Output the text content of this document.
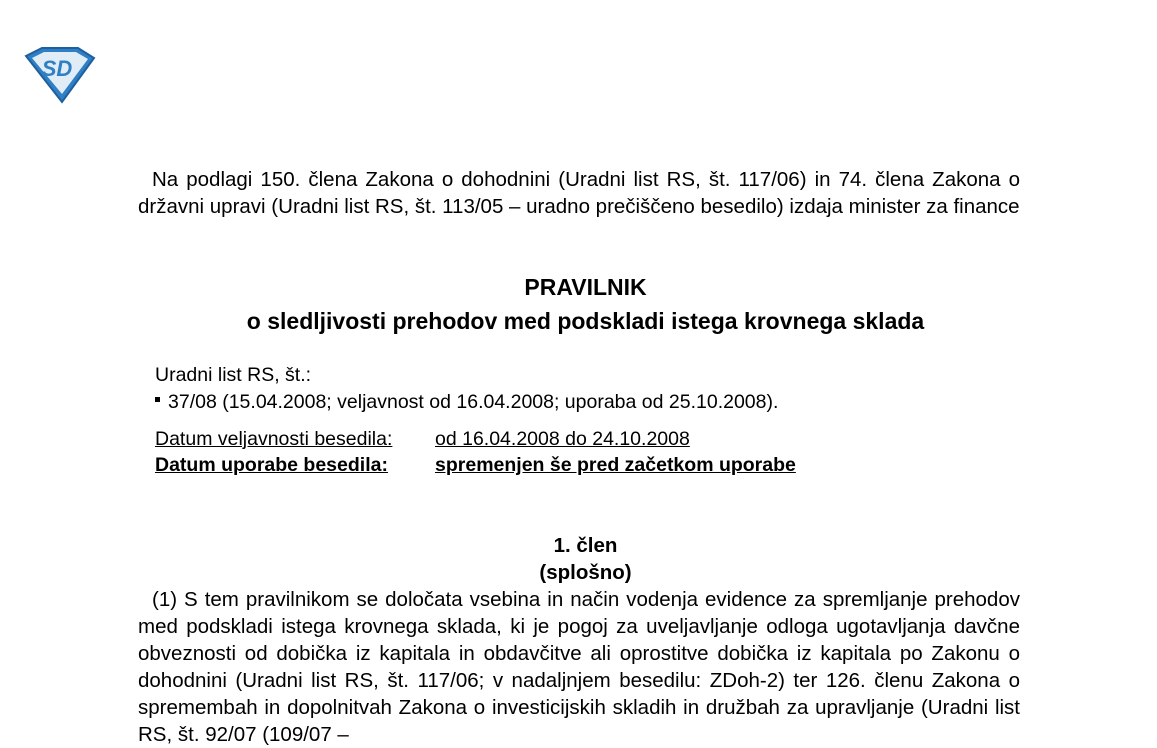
SD
Na podlagi 150. člena Zakona o dohodnini (Uradni list RS, št. 117/06) in 74. člena Zakona o državni upravi (Uradni list RS, št. 113/05 – uradno prečiščeno besedilo) izdaja minister za finance
PRAVILNIK
o sledljivosti prehodov med podskladi istega krovnega sklada
Uradni list RS, št.:
37/08 (15.04.2008; veljavnost od 16.04.2008; uporaba od 25.10.2008).
Datum veljavnosti besedila: od 16.04.2008 do 24.10.2008
Datum uporabe besedila: spremenjen še pred začetkom uporabe
1. člen
(splošno)
(1) S tem pravilnikom se določata vsebina in način vodenja evidence za spremljanje prehodov med podskladi istega krovnega sklada, ki je pogoj za uveljavljanje odloga ugotavljanja davčne obveznosti od dobička iz kapitala in obdavčitve ali oprostitve dobička iz kapitala po Zakonu o dohodnini (Uradni list RS, št. 117/06; v nadaljnjem besedilu: ZDoh-2) ter 126. členu Zakona o spremembah in dopolnitvah Zakona o investicijskih skladih in družbah za upravljanje (Uradni list RS, št. 92/07 (109/07 –
